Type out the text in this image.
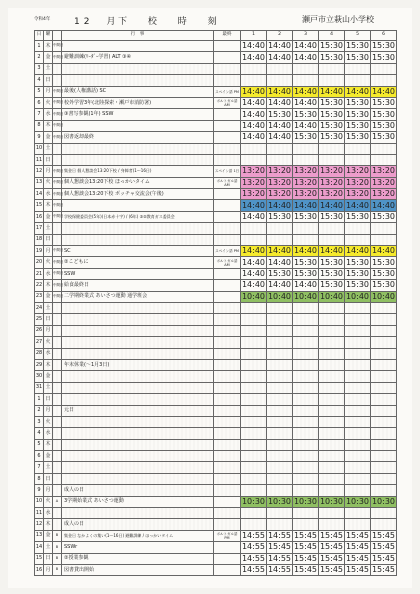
令和4年	12　月
下 校 時 刻	瀬戸市立萩山小学校
日	曜		行　事	最終	1	2	3	4	5	6
1	木	中間日			14:40	14:40	14:40	15:30	15:30	15:30
2	金	中間日	避難訓練(ﾘｰﾀﾞｰ学習) ALT ③④		14:40	14:40	14:40	15:30	15:30	15:30
3	土									
4	日									
5	月	中間日	最後(人権講話) SC	スペイン語 PM	14:40	14:40	14:40	14:40	14:40	14:40
6	火	中間日	校外学習3年(北陸探索・瀬戸市消防署)	ボルトガル語 AM	14:40	14:40	14:40	15:30	15:30	15:30
7	水	中間日	③書写参観(1年) SSW		14:40	15:30	15:30	15:30	15:30	15:30
8	木	中間日			14:40	14:40	14:40	15:30	15:30	15:30
9	金	中間日	図書返却最終		14:40	14:40	15:30	15:30	15:30	15:30
10	土									
11	日									
12	月	中間日	集金日 個人懇談会13:20下校 / 身障者(1〜16日)	スペイン語 1日	13:20	13:20	13:20	13:20	13:20	13:20
13	火	中間日	個人懇談会13:20下校 ほっかいタイム	ボルトガル語 AM	13:20	13:20	13:20	13:20	13:20	13:20
14	水	中間日	個人懇談会13:20下校 ボッチャ交流会(午後)		13:20	13:20	13:20	13:20	13:20	13:20
15	木	中間日			14:40	14:40	14:40	14:40	14:40	14:40
16	金	中間日	学校保健委員会(5年)(日本赤十字) / (6年) ③⑤教育ガス委員会		14:40	15:30	15:30	15:30	15:30	15:30
17	土									
18	日									
19	月	中間日	SC	スペイン語 PM	14:40	14:40	14:40	14:40	14:40	14:40
20	火	中間日	②こどもに	ボルトガル語 AM	14:40	14:40	15:30	15:30	15:30	15:30
21	水	中間日	SSW		14:40	15:30	15:30	15:30	15:30	15:30
22	木	中間日	給食最終日		14:40	14:40	14:40	15:30	15:30	15:30
23	金	中間日	二学期終業式 あいさつ運動 通学班会		10:40	10:40	10:40	10:40	10:40	10:40
24	土									
25	日									
26	月									
27	火									
28	水									
29	木		年末休業(〜1月3日)							
30	金									
31	土									
1	日									
2	月		元日							
3	火									
4	水									
5	木									
6	金									
7	土									
8	日									
9	月		成人の日							
10	火	A	3学期始業式 あいさつ運動		10:30	10:30	10:30	10:30	10:30	10:30
11	水									
12	木		成人の日							
13	金	B	集金日 なかよくの集い(1〜16日) 避難訓練 / ほっかいタイム	ボルトガル語 PM	14:55	14:55	15:45	15:45	15:45	15:45
14	土	B	SSWr		14:55	15:45	15:45	15:45	15:45	15:45
15	日	B	②授業参観		14:55	14:55	15:45	15:45	15:45	15:45
16	月	B	図書貸出開始		14:55	14:55	15:45	15:45	15:45	15:45
